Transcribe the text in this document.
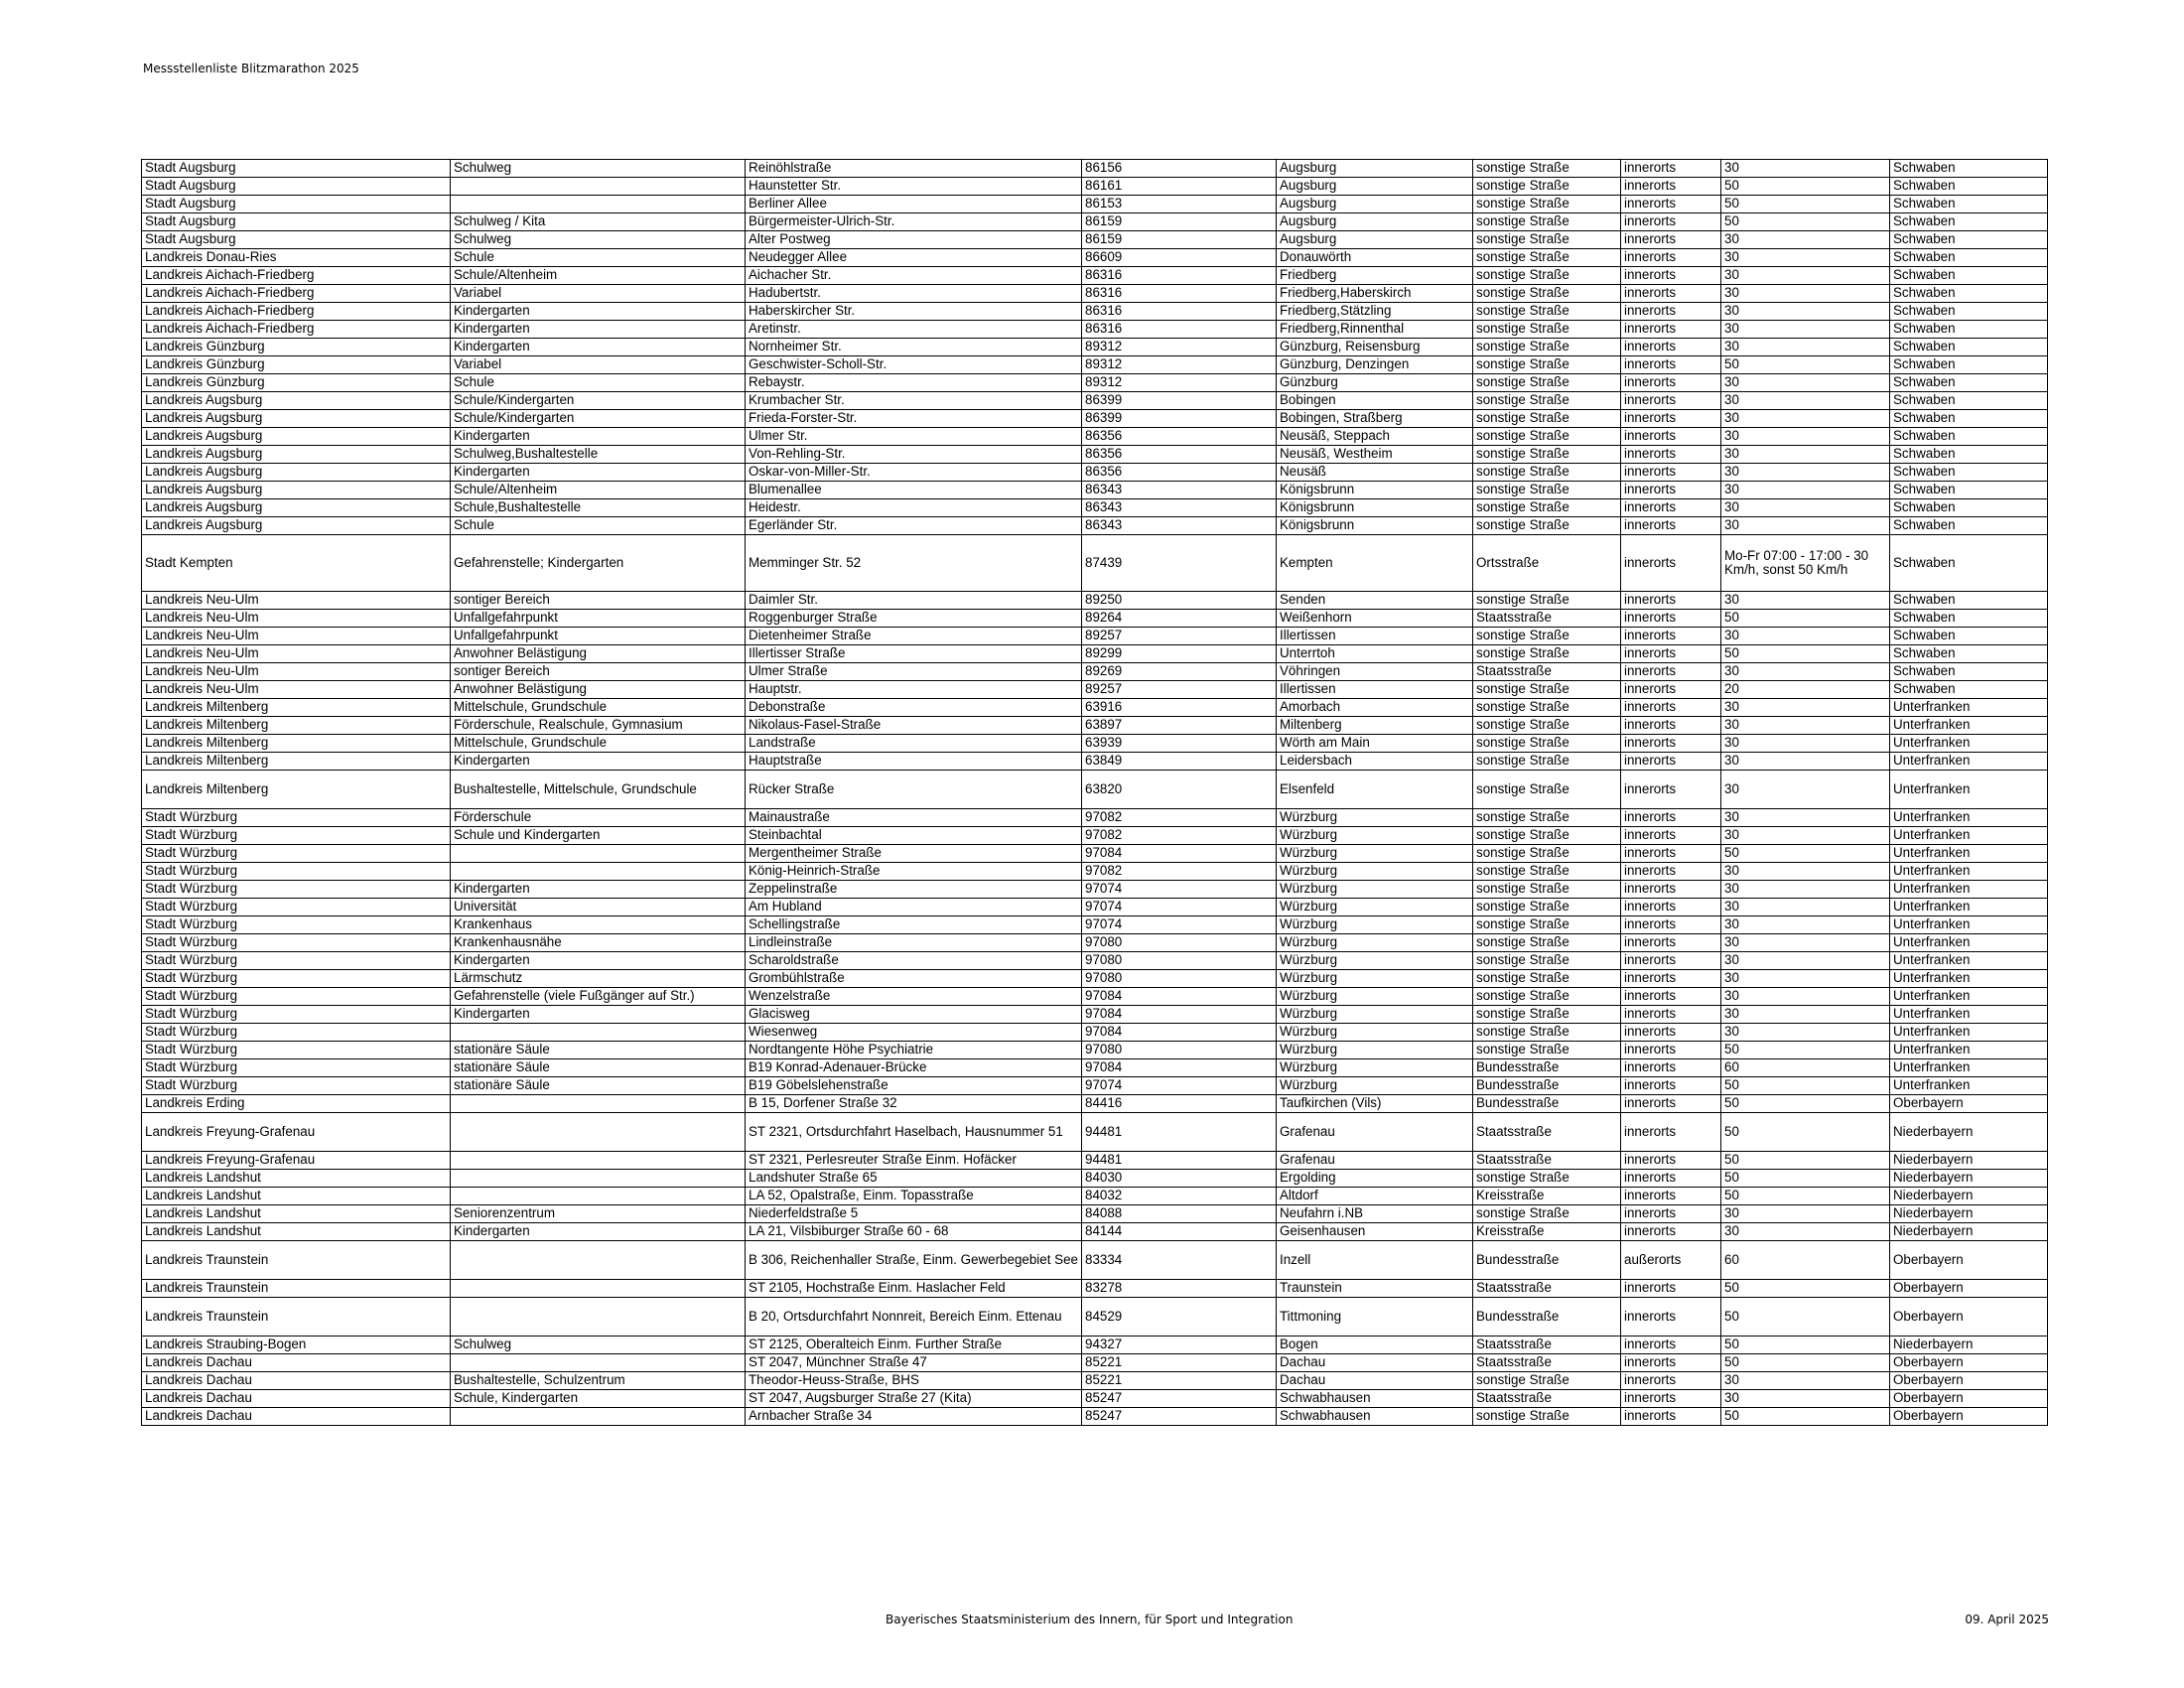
Messstellenliste Blitzmarathon 2025
Stadt Augsburg	Schulweg	Reinöhlstraße	86156	Augsburg	sonstige Straße	innerorts	30	Schwaben
Stadt Augsburg		Haunstetter Str.	86161	Augsburg	sonstige Straße	innerorts	50	Schwaben
Stadt Augsburg		Berliner Allee	86153	Augsburg	sonstige Straße	innerorts	50	Schwaben
Stadt Augsburg	Schulweg / Kita	Bürgermeister-Ulrich-Str.	86159	Augsburg	sonstige Straße	innerorts	50	Schwaben
Stadt Augsburg	Schulweg	Alter Postweg	86159	Augsburg	sonstige Straße	innerorts	30	Schwaben
Landkreis Donau-Ries	Schule	Neudegger Allee	86609	Donauwörth	sonstige Straße	innerorts	30	Schwaben
Landkreis Aichach-Friedberg	Schule/Altenheim	Aichacher Str.	86316	Friedberg	sonstige Straße	innerorts	30	Schwaben
Landkreis Aichach-Friedberg	Variabel	Hadubertstr.	86316	Friedberg,Haberskirch	sonstige Straße	innerorts	30	Schwaben
Landkreis Aichach-Friedberg	Kindergarten	Haberskircher Str.	86316	Friedberg,Stätzling	sonstige Straße	innerorts	30	Schwaben
Landkreis Aichach-Friedberg	Kindergarten	Aretinstr.	86316	Friedberg,Rinnenthal	sonstige Straße	innerorts	30	Schwaben
Landkreis Günzburg	Kindergarten	Nornheimer Str.	89312	Günzburg, Reisensburg	sonstige Straße	innerorts	30	Schwaben
Landkreis Günzburg	Variabel	Geschwister-Scholl-Str.	89312	Günzburg, Denzingen	sonstige Straße	innerorts	50	Schwaben
Landkreis Günzburg	Schule	Rebaystr.	89312	Günzburg	sonstige Straße	innerorts	30	Schwaben
Landkreis Augsburg	Schule/Kindergarten	Krumbacher Str.	86399	Bobingen	sonstige Straße	innerorts	30	Schwaben
Landkreis Augsburg	Schule/Kindergarten	Frieda-Forster-Str.	86399	Bobingen, Straßberg	sonstige Straße	innerorts	30	Schwaben
Landkreis Augsburg	Kindergarten	Ulmer Str.	86356	Neusäß, Steppach	sonstige Straße	innerorts	30	Schwaben
Landkreis Augsburg	Schulweg,Bushaltestelle	Von-Rehling-Str.	86356	Neusäß, Westheim	sonstige Straße	innerorts	30	Schwaben
Landkreis Augsburg	Kindergarten	Oskar-von-Miller-Str.	86356	Neusäß	sonstige Straße	innerorts	30	Schwaben
Landkreis Augsburg	Schule/Altenheim	Blumenallee	86343	Königsbrunn	sonstige Straße	innerorts	30	Schwaben
Landkreis Augsburg	Schule,Bushaltestelle	Heidestr.	86343	Königsbrunn	sonstige Straße	innerorts	30	Schwaben
Landkreis Augsburg	Schule	Egerländer Str.	86343	Königsbrunn	sonstige Straße	innerorts	30	Schwaben
Stadt Kempten	Gefahrenstelle; Kindergarten	Memminger Str. 52	87439	Kempten	Ortsstraße	innerorts	Mo-Fr 07:00 - 17:00 - 30 Km/h, sonst 50 Km/h	Schwaben
Landkreis Neu-Ulm	sontiger Bereich	Daimler Str.	89250	Senden	sonstige Straße	innerorts	30	Schwaben
Landkreis Neu-Ulm	Unfallgefahrpunkt	Roggenburger Straße	89264	Weißenhorn	Staatsstraße	innerorts	50	Schwaben
Landkreis Neu-Ulm	Unfallgefahrpunkt	Dietenheimer Straße	89257	Illertissen	sonstige Straße	innerorts	30	Schwaben
Landkreis Neu-Ulm	Anwohner Belästigung	Illertisser Straße	89299	Unterrtoh	sonstige Straße	innerorts	50	Schwaben
Landkreis Neu-Ulm	sontiger Bereich	Ulmer Straße	89269	Vöhringen	Staatsstraße	innerorts	30	Schwaben
Landkreis Neu-Ulm	Anwohner Belästigung	Hauptstr.	89257	Illertissen	sonstige Straße	innerorts	20	Schwaben
Landkreis Miltenberg	Mittelschule, Grundschule	Debonstraße	63916	Amorbach	sonstige Straße	innerorts	30	Unterfranken
Landkreis Miltenberg	Förderschule, Realschule, Gymnasium	Nikolaus-Fasel-Straße	63897	Miltenberg	sonstige Straße	innerorts	30	Unterfranken
Landkreis Miltenberg	Mittelschule, Grundschule	Landstraße	63939	Wörth am Main	sonstige Straße	innerorts	30	Unterfranken
Landkreis Miltenberg	Kindergarten	Hauptstraße	63849	Leidersbach	sonstige Straße	innerorts	30	Unterfranken
Landkreis Miltenberg	Bushaltestelle, Mittelschule, Grundschule	Rücker Straße	63820	Elsenfeld	sonstige Straße	innerorts	30	Unterfranken
Stadt Würzburg	Förderschule	Mainaustraße	97082	Würzburg	sonstige Straße	innerorts	30	Unterfranken
Stadt Würzburg	Schule und Kindergarten	Steinbachtal	97082	Würzburg	sonstige Straße	innerorts	30	Unterfranken
Stadt Würzburg		Mergentheimer Straße	97084	Würzburg	sonstige Straße	innerorts	50	Unterfranken
Stadt Würzburg		König-Heinrich-Straße	97082	Würzburg	sonstige Straße	innerorts	30	Unterfranken
Stadt Würzburg	Kindergarten	Zeppelinstraße	97074	Würzburg	sonstige Straße	innerorts	30	Unterfranken
Stadt Würzburg	Universität	Am Hubland	97074	Würzburg	sonstige Straße	innerorts	30	Unterfranken
Stadt Würzburg	Krankenhaus	Schellingstraße	97074	Würzburg	sonstige Straße	innerorts	30	Unterfranken
Stadt Würzburg	Krankenhausnähe	Lindleinstraße	97080	Würzburg	sonstige Straße	innerorts	30	Unterfranken
Stadt Würzburg	Kindergarten	Scharoldstraße	97080	Würzburg	sonstige Straße	innerorts	30	Unterfranken
Stadt Würzburg	Lärmschutz	Grombühlstraße	97080	Würzburg	sonstige Straße	innerorts	30	Unterfranken
Stadt Würzburg	Gefahrenstelle (viele Fußgänger auf Str.)	Wenzelstraße	97084	Würzburg	sonstige Straße	innerorts	30	Unterfranken
Stadt Würzburg	Kindergarten	Glacisweg	97084	Würzburg	sonstige Straße	innerorts	30	Unterfranken
Stadt Würzburg		Wiesenweg	97084	Würzburg	sonstige Straße	innerorts	30	Unterfranken
Stadt Würzburg	stationäre Säule	Nordtangente Höhe Psychiatrie	97080	Würzburg	sonstige Straße	innerorts	50	Unterfranken
Stadt Würzburg	stationäre Säule	B19 Konrad-Adenauer-Brücke	97084	Würzburg	Bundesstraße	innerorts	60	Unterfranken
Stadt Würzburg	stationäre Säule	B19 Göbelslehenstraße	97074	Würzburg	Bundesstraße	innerorts	50	Unterfranken
Landkreis Erding		B 15, Dorfener Straße 32	84416	Taufkirchen (Vils)	Bundesstraße	innerorts	50	Oberbayern
Landkreis Freyung-Grafenau		ST 2321, Ortsdurchfahrt Haselbach, Hausnummer 51	94481	Grafenau	Staatsstraße	innerorts	50	Niederbayern
Landkreis Freyung-Grafenau		ST 2321, Perlesreuter Straße Einm. Hofäcker	94481	Grafenau	Staatsstraße	innerorts	50	Niederbayern
Landkreis Landshut		Landshuter Straße 65	84030	Ergolding	sonstige Straße	innerorts	50	Niederbayern
Landkreis Landshut		LA 52, Opalstraße, Einm. Topasstraße	84032	Altdorf	Kreisstraße	innerorts	50	Niederbayern
Landkreis Landshut	Seniorenzentrum	Niederfeldstraße 5	84088	Neufahrn i.NB	sonstige Straße	innerorts	30	Niederbayern
Landkreis Landshut	Kindergarten	LA 21, Vilsbiburger Straße 60 - 68	84144	Geisenhausen	Kreisstraße	innerorts	30	Niederbayern
Landkreis Traunstein		B 306, Reichenhaller Straße, Einm. Gewerbegebiet See	83334	Inzell	Bundesstraße	außerorts	60	Oberbayern
Landkreis Traunstein		ST 2105, Hochstraße Einm. Haslacher Feld	83278	Traunstein	Staatsstraße	innerorts	50	Oberbayern
Landkreis Traunstein		B 20, Ortsdurchfahrt Nonnreit, Bereich Einm. Ettenau	84529	Tittmoning	Bundesstraße	innerorts	50	Oberbayern
Landkreis Straubing-Bogen	Schulweg	ST 2125, Oberalteich Einm. Further Straße	94327	Bogen	Staatsstraße	innerorts	50	Niederbayern
Landkreis Dachau		ST 2047, Münchner Straße 47	85221	Dachau	Staatsstraße	innerorts	50	Oberbayern
Landkreis Dachau	Bushaltestelle, Schulzentrum	Theodor-Heuss-Straße, BHS	85221	Dachau	sonstige Straße	innerorts	30	Oberbayern
Landkreis Dachau	Schule, Kindergarten	ST 2047, Augsburger Straße 27 (Kita)	85247	Schwabhausen	Staatsstraße	innerorts	30	Oberbayern
Landkreis Dachau		Arnbacher Straße 34	85247	Schwabhausen	sonstige Straße	innerorts	50	Oberbayern
Bayerisches Staatsministerium des Innern, für Sport und Integration	09. April 2025
